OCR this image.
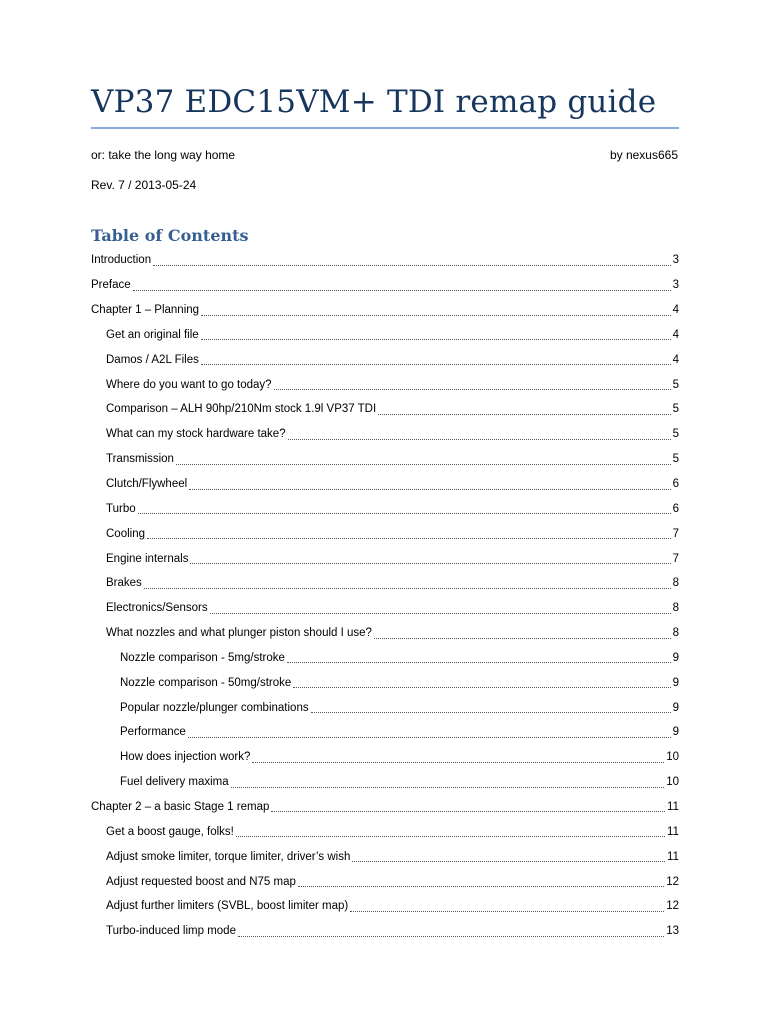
VP37 EDC15VM+ TDI remap guide
or: take the long way home	by nexus665
Rev. 7 / 2013-05-24
Table of Contents
Introduction	3
Preface	3
Chapter 1 – Planning	4
Get an original file	4
Damos / A2L Files	4
Where do you want to go today?	5
Comparison – ALH 90hp/210Nm stock 1.9l VP37 TDI	5
What can my stock hardware take?	5
Transmission	5
Clutch/Flywheel	6
Turbo	6
Cooling	7
Engine internals	7
Brakes	8
Electronics/Sensors	8
What nozzles and what plunger piston should I use?	8
Nozzle comparison - 5mg/stroke	9
Nozzle comparison - 50mg/stroke	9
Popular nozzle/plunger combinations	9
Performance	9
How does injection work?	10
Fuel delivery maxima	10
Chapter 2 – a basic Stage 1 remap	11
Get a boost gauge, folks!	11
Adjust smoke limiter, torque limiter, driver’s wish	11
Adjust requested boost and N75 map	12
Adjust further limiters (SVBL, boost limiter map)	12
Turbo-induced limp mode	13
